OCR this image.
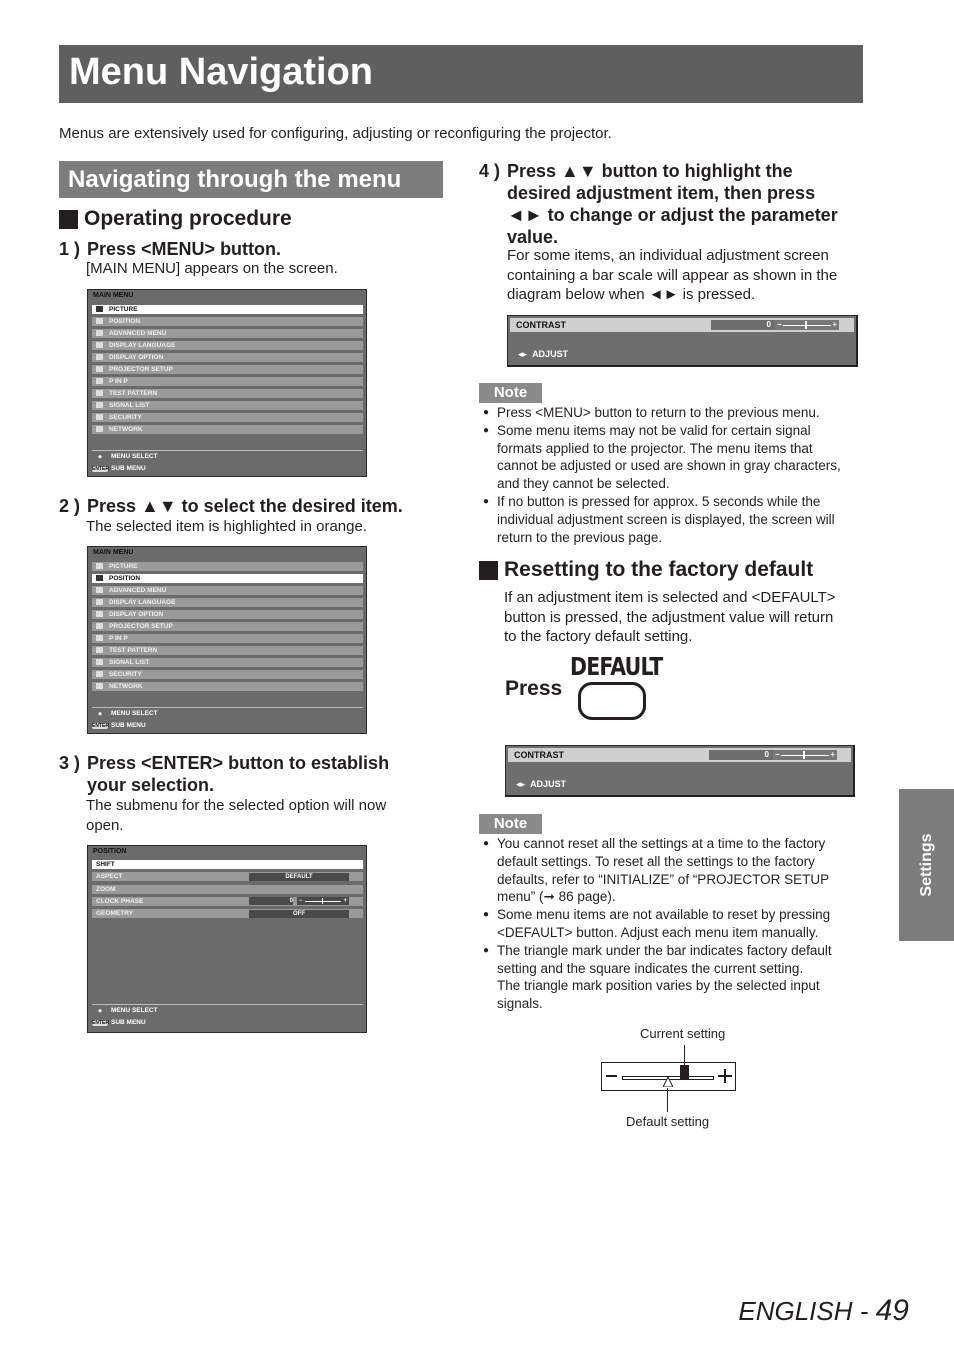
Menu Navigation
Menus are extensively used for configuring, adjusting or reconfiguring the projector.
Navigating through the menu
Operating procedure
1 ) Press <MENU> button.
[MAIN MENU] appears on the screen.
MAIN MENU
PICTURE
POSITION
ADVANCED MENU
DISPLAY LANGUAGE
DISPLAY OPTION
PROJECTOR SETUP
P IN P
TEST PATTERN
SIGNAL LIST
SECURITY
NETWORK
◆ MENU SELECT
ENTER SUB MENU
2 ) Press ▲▼ to select the desired item.
The selected item is highlighted in orange.
MAIN MENU
PICTURE
POSITION
ADVANCED MENU
DISPLAY LANGUAGE
DISPLAY OPTION
PROJECTOR SETUP
P IN P
TEST PATTERN
SIGNAL LIST
SECURITY
NETWORK
◆ MENU SELECT
ENTER SUB MENU
3 ) Press <ENTER> button to establish
your selection.
The submenu for the selected option will now
open.
POSITION
SHIFT
ASPECT	DEFAULT
ZOOM
CLOCK PHASE	0 −	+
GEOMETRY	OFF
◆ MENU SELECT
ENTER SUB MENU
4 ) Press ▲▼ button to highlight the
desired adjustment item, then press
◄► to change or adjust the parameter
value.
For some items, an individual adjustment screen
containing a bar scale will appear as shown in the
diagram below when ◄► is pressed.
CONTRAST	0 −	+
◂▸ ADJUST
Note
● Press <MENU> button to return to the previous menu.
● Some menu items may not be valid for certain signal
formats applied to the projector. The menu items that
cannot be adjusted or used are shown in gray characters,
and they cannot be selected.
● If no button is pressed for approx. 5 seconds while the
individual adjustment screen is displayed, the screen will
return to the previous page.
Resetting to the factory default
If an adjustment item is selected and <DEFAULT>
button is pressed, the adjustment value will return
to the factory default setting.
Press
DEFAULT
CONTRAST	0 −	+
◂▸ ADJUST
Note
● You cannot reset all the settings at a time to the factory
default settings. To reset all the settings to the factory
defaults, refer to “INITIALIZE” of “PROJECTOR SETUP
menu” (➞ 86 page).
● Some menu items are not available to reset by pressing
<DEFAULT> button. Adjust each menu item manually.
● The triangle mark under the bar indicates factory default
setting and the square indicates the current setting.
The triangle mark position varies by the selected input
signals.
Current setting
Default setting
Settings
ENGLISH - 49
